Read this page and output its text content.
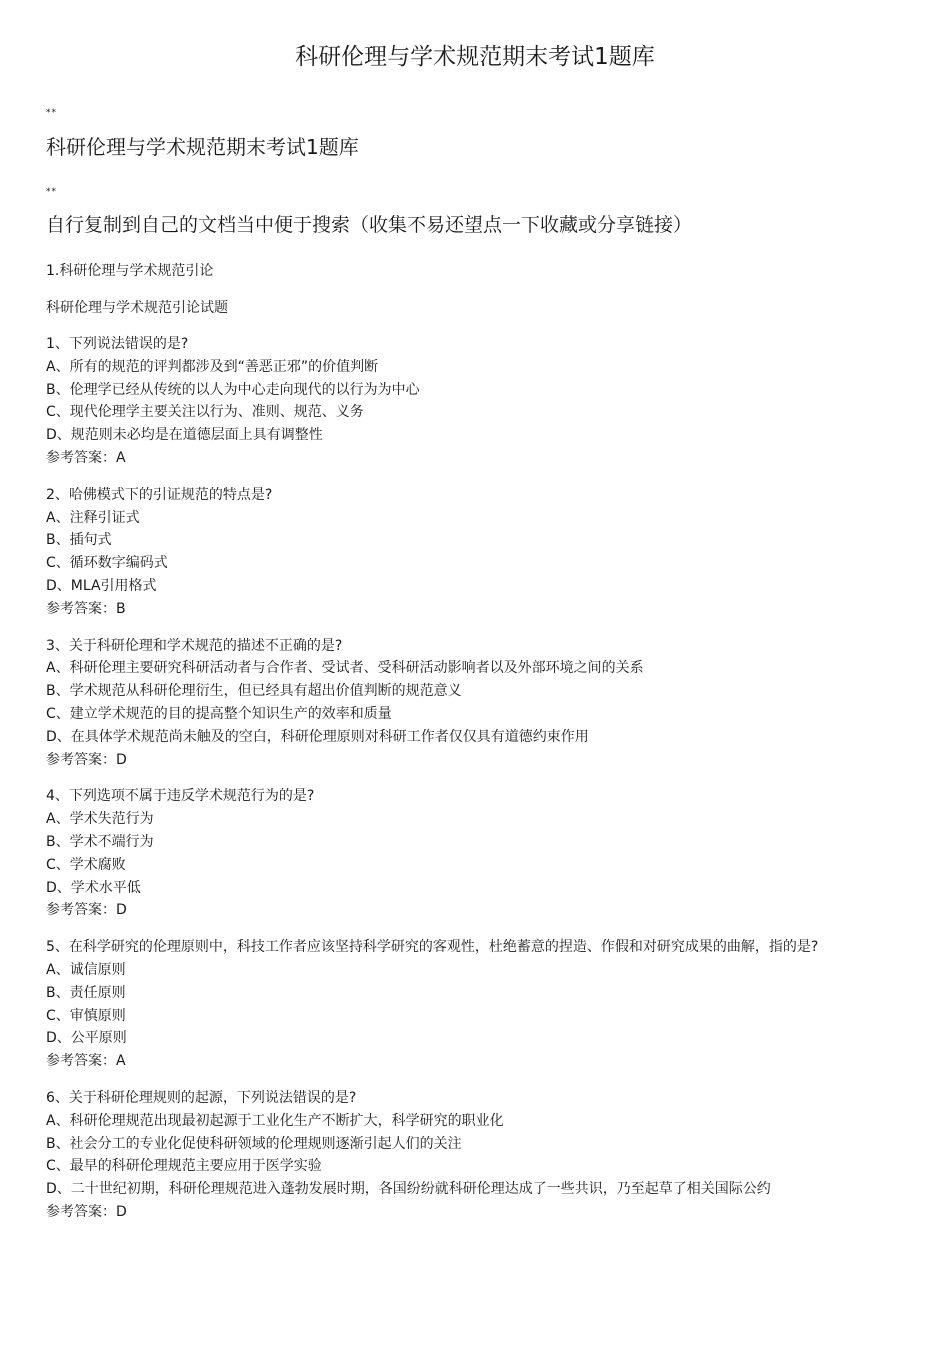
科研伦理与学术规范期末考试1题库
**
科研伦理与学术规范期末考试1题库
**
自行复制到自己的文档当中便于搜索（收集不易还望点一下收藏或分享链接）
1.科研伦理与学术规范引论
科研伦理与学术规范引论试题
1、下列说法错误的是?
A、所有的规范的评判都涉及到“善恶正邪”的价值判断
B、伦理学已经从传统的以人为中心走向现代的以行为为中心
C、现代伦理学主要关注以行为、准则、规范、义务
D、规范则未必均是在道德层面上具有调整性
参考答案：A
2、哈佛模式下的引证规范的特点是?
A、注释引证式
B、插句式
C、循环数字编码式
D、MLA引用格式
参考答案：B
3、关于科研伦理和学术规范的描述不正确的是?
A、科研伦理主要研究科研活动者与合作者、受试者、受科研活动影响者以及外部环境之间的关系
B、学术规范从科研伦理衍生，但已经具有超出价值判断的规范意义
C、建立学术规范的目的提高整个知识生产的效率和质量
D、在具体学术规范尚未触及的空白，科研伦理原则对科研工作者仅仅具有道德约束作用
参考答案：D
4、下列选项不属于违反学术规范行为的是?
A、学术失范行为
B、学术不端行为
C、学术腐败
D、学术水平低
参考答案：D
5、在科学研究的伦理原则中，科技工作者应该坚持科学研究的客观性，杜绝蓄意的捏造、作假和对研究成果的曲解，指的是?
A、诚信原则
B、责任原则
C、审慎原则
D、公平原则
参考答案：A
6、关于科研伦理规则的起源，下列说法错误的是?
A、科研伦理规范出现最初起源于工业化生产不断扩大，科学研究的职业化
B、社会分工的专业化促使科研领域的伦理规则逐渐引起人们的关注
C、最早的科研伦理规范主要应用于医学实验
D、二十世纪初期，科研伦理规范进入蓬勃发展时期，各国纷纷就科研伦理达成了一些共识，乃至起草了相关国际公约
参考答案：D
